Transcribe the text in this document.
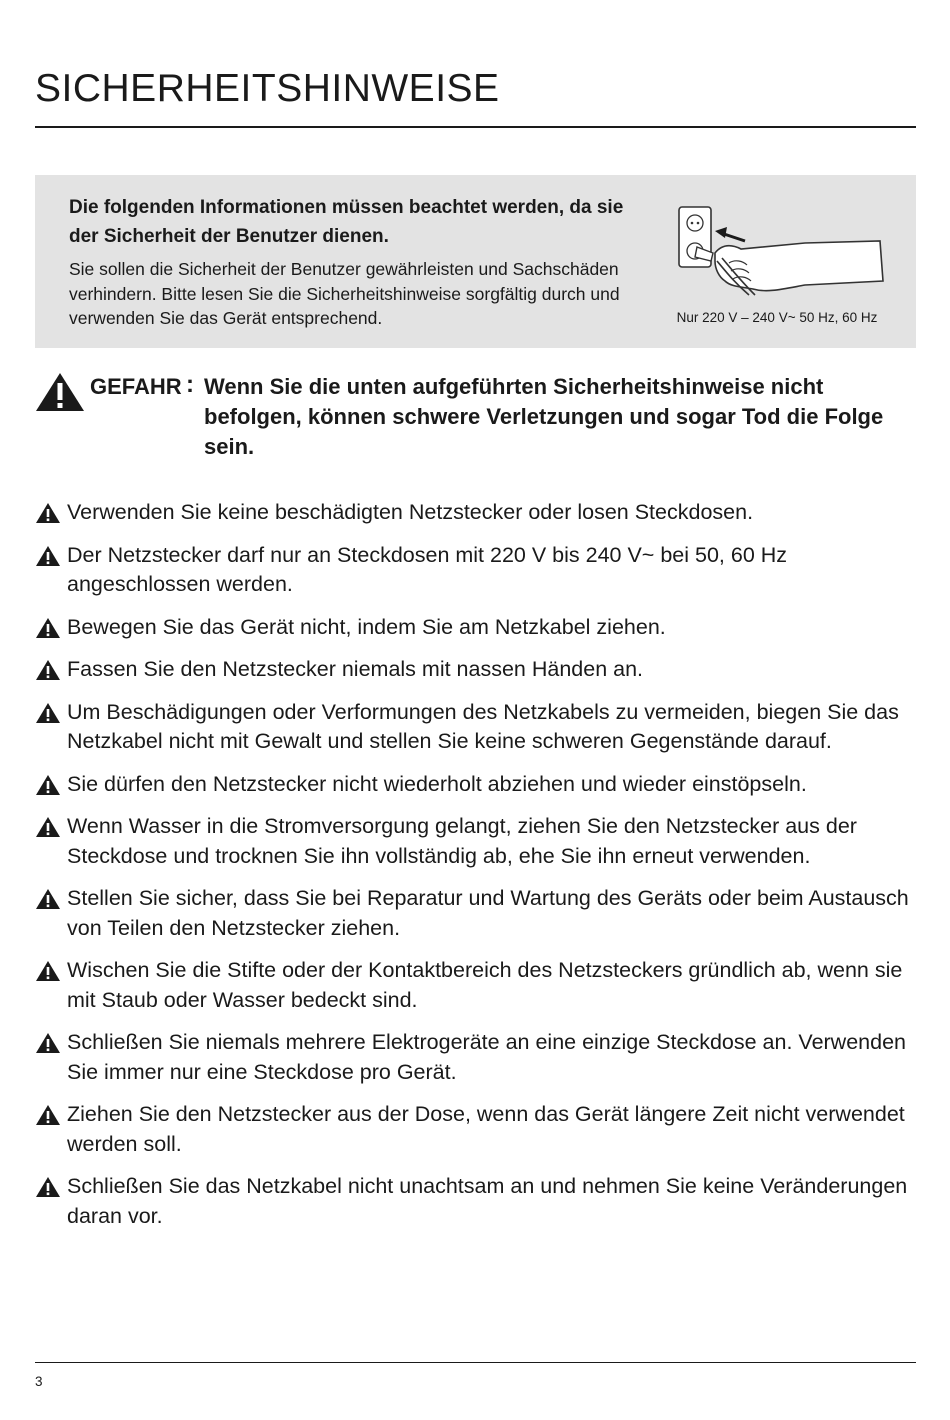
SICHERHEITSHINWEISE
Die folgenden Informationen müssen beachtet werden, da sie der Sicherheit der Benutzer dienen.
Sie sollen die Sicherheit der Benutzer gewährleisten und Sachschäden verhindern. Bitte lesen Sie die Sicherheitshinweise sorgfältig durch und verwenden Sie das Gerät entsprechend.	Nur 220 V – 240 V~ 50 Hz, 60 Hz
GEFAHR : Wenn Sie die unten aufgeführten Sicherheitshinweise nicht befolgen, können schwere Verletzungen und sogar Tod die Folge sein.
Verwenden Sie keine beschädigten Netzstecker oder losen Steckdosen.
Der Netzstecker darf nur an Steckdosen mit 220 V bis 240 V~ bei 50, 60 Hz angeschlossen werden.
Bewegen Sie das Gerät nicht, indem Sie am Netzkabel ziehen.
Fassen Sie den Netzstecker niemals mit nassen Händen an.
Um Beschädigungen oder Verformungen des Netzkabels zu vermeiden, biegen Sie das Netzkabel nicht mit Gewalt und stellen Sie keine schweren Gegenstände darauf.
Sie dürfen den Netzstecker nicht wiederholt abziehen und wieder einstöpseln.
Wenn Wasser in die Stromversorgung gelangt, ziehen Sie den Netzstecker aus der Steckdose und trocknen Sie ihn vollständig ab, ehe Sie ihn erneut verwenden.
Stellen Sie sicher, dass Sie bei Reparatur und Wartung des Geräts oder beim Austausch von Teilen den Netzstecker ziehen.
Wischen Sie die Stifte oder der Kontaktbereich des Netzsteckers gründlich ab, wenn sie mit Staub oder Wasser bedeckt sind.
Schließen Sie niemals mehrere Elektrogeräte an eine einzige Steckdose an. Verwenden Sie immer nur eine Steckdose pro Gerät.
Ziehen Sie den Netzstecker aus der Dose, wenn das Gerät längere Zeit nicht verwendet werden soll.
Schließen Sie das Netzkabel nicht unachtsam an und nehmen Sie keine Veränderungen daran vor.
3
